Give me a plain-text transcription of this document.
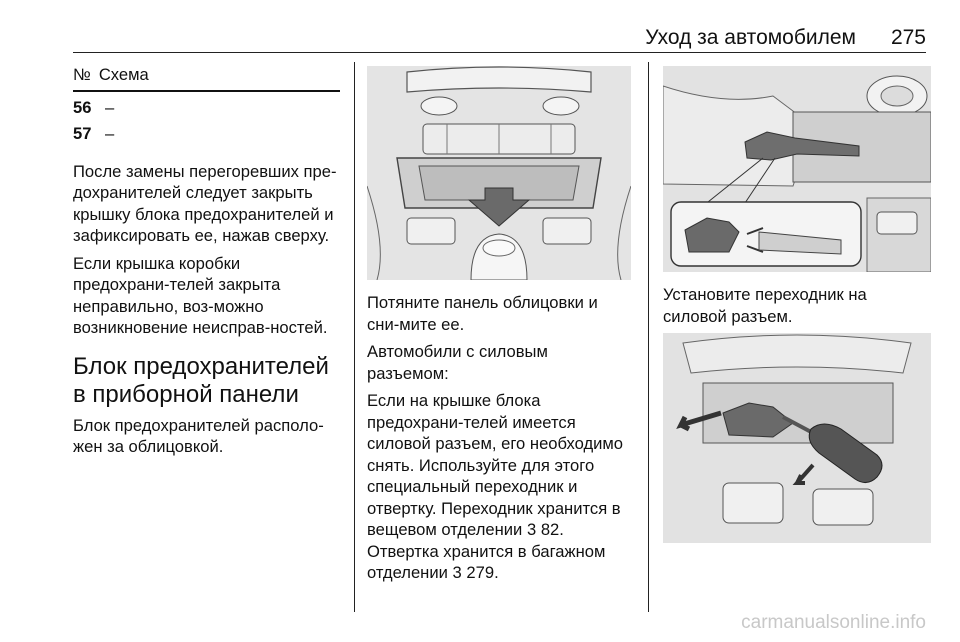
Уход за автомобилем 275
№ Схема
56 –
57 –

После замены перегоревших пре-дохранителей следует закрыть крышку блока предохранителей и зафиксировать ее, нажав сверху.

Если крышка коробки предохрани-телей закрыта неправильно, воз-можно возникновение неисправ-ностей.

Блок предохранителей в приборной панели

Блок предохранителей располо-жен за облицовкой.

Потяните панель облицовки и сни-мите ее.

Автомобили с силовым разъемом:

Если на крышке блока предохрани-телей имеется силовой разъем, его необходимо снять. Используйте для этого специальный переходник и отвертку. Переходник хранится в вещевом отделении 3 82. Отвертка хранится в багажном отделении 3 279.

Установите переходник на силовой разъем.

carmanualsonline.info
